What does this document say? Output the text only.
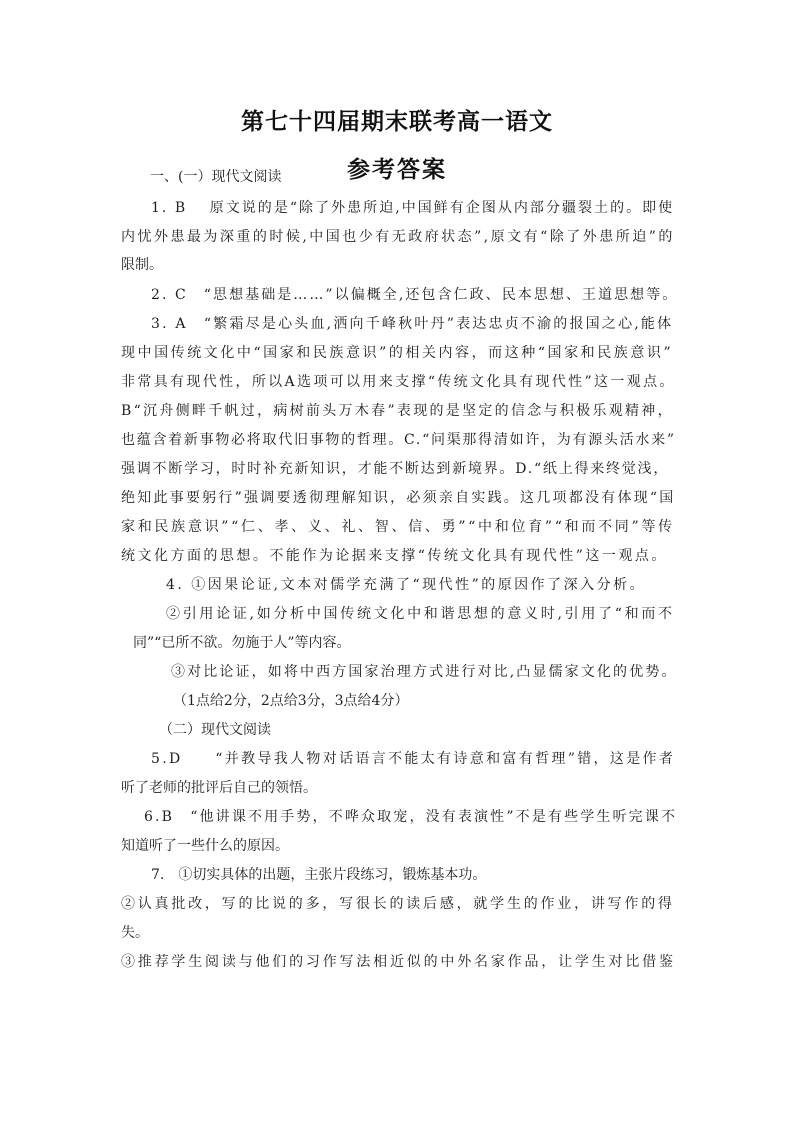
第七十四届期末联考高一语文
参考答案
一、(一）现代文阅读
1. B　 原文说的是“除了外患所迫,中国鲜有企图从内部分疆裂土的。即使
内忧外患最为深重的时候,中国也少有无政府状态”,原文有“除了外患所迫”的
限制。
2. C　“思想基础是……”以偏概全,还包含仁政、民本思想、王道思想等。
3. A　“繁霜尽是心头血,洒向千峰秋叶丹”表达忠贞不渝的报国之心,能体
现中国传统文化中“国家和民族意识”的相关内容，而这种“国家和民族意识”
非常具有现代性，所以A选项可以用来支撑“传统文化具有现代性”这一观点。
B“沉舟侧畔千帆过，病树前头万木春”表现的是坚定的信念与积极乐观精神，
也蕴含着新事物必将取代旧事物的哲理。C.“问渠那得清如许，为有源头活水来”
强调不断学习，时时补充新知识，才能不断达到新境界。D.“纸上得来终觉浅，
绝知此事要躬行”强调要透彻理解知识，必须亲自实践。这几项都没有体现“国
家和民族意识”“仁、孝、义、礼、智、信、勇”“中和位育”“和而不同”等传
统文化方面的思想。不能作为论据来支撑“传统文化具有现代性”这一观点。
4. ①因果论证,文本对儒学充满了“现代性”的原因作了深入分析。
②引用论证,如分析中国传统文化中和谐思想的意义时,引用了“和而不
同”“已所不欲。勿施于人”等内容。
③对比论证，如将中西方国家治理方式进行对比,凸显儒家文化的优势。
（1点给2分，2点给3分，3点给4分）
（二）现代文阅读
5.D　　“并教导我人物对话语言不能太有诗意和富有哲理”错，这是作者
听了老师的批评后自己的领悟。
6.B　“他讲课不用手势，不哗众取宠，没有表演性”不是有些学生听完课不
知道听了一些什么的原因。
7.　①切实具体的出题，主张片段练习，锻炼基本功。
②认真批改，写的比说的多，写很长的读后感，就学生的作业，讲写作的得
失。
③推荐学生阅读与他们的习作写法相近似的中外名家作品，让学生对比借鉴
